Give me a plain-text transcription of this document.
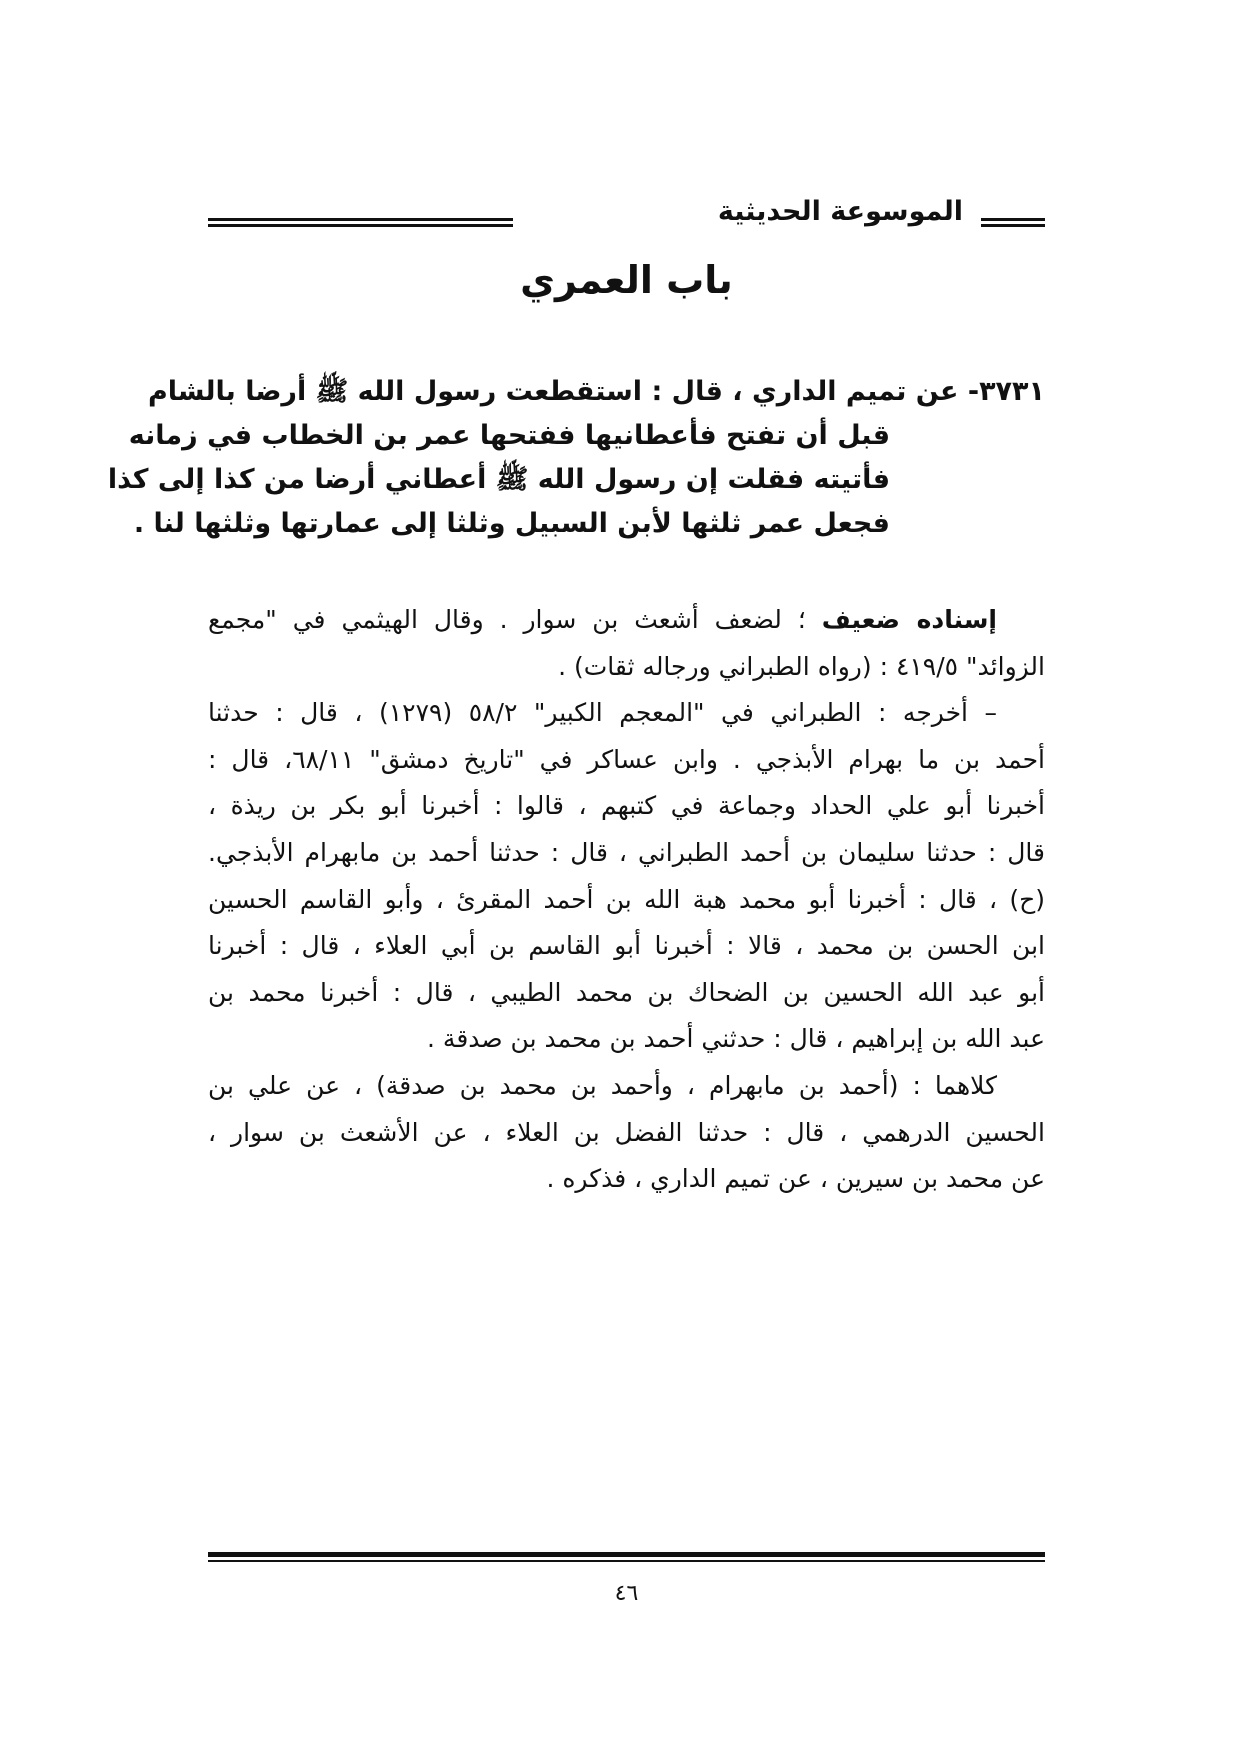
الموسوعة الحديثية
باب العمري
٣٧٣١- عن تميم الداري ، قال : استقطعت رسول الله ﷺ أرضا بالشام
قبل أن تفتح فأعطانيها ففتحها عمر بن الخطاب في زمانه
فأتيته فقلت إن رسول الله ﷺ أعطاني أرضا من كذا إلى كذا
فجعل عمر ثلثها لأبن السبيل وثلثا إلى عمارتها وثلثها لنا .
إسناده ضعيف ؛ لضعف أشعث بن سوار . وقال الهيثمي في "مجمع
الزوائد" ٤١٩/٥ : (رواه الطبراني ورجاله ثقات) .
– أخرجه : الطبراني في "المعجم الكبير" ٥٨/٢ (١٢٧٩) ، قال : حدثنا
أحمد بن ما بهرام الأبذجي . وابن عساكر في "تاريخ دمشق" ٦٨/١١، قال :
أخبرنا أبو علي الحداد وجماعة في كتبهم ، قالوا : أخبرنا أبو بكر بن ريذة ،
قال : حدثنا سليمان بن أحمد الطبراني ، قال : حدثنا أحمد بن مابهرام الأبذجي.
(ح) ، قال : أخبرنا أبو محمد هبة الله بن أحمد المقرئ ، وأبو القاسم الحسين
ابن الحسن بن محمد ، قالا : أخبرنا أبو القاسم بن أبي العلاء ، قال : أخبرنا
أبو عبد الله الحسين بن الضحاك بن محمد الطيبي ، قال : أخبرنا محمد بن
عبد الله بن إبراهيم ، قال : حدثني أحمد بن محمد بن صدقة .
كلاهما : (أحمد بن مابهرام ، وأحمد بن محمد بن صدقة) ، عن علي بن
الحسين الدرهمي ، قال : حدثنا الفضل بن العلاء ، عن الأشعث بن سوار ،
عن محمد بن سيرين ، عن تميم الداري ، فذكره .
٤٦
